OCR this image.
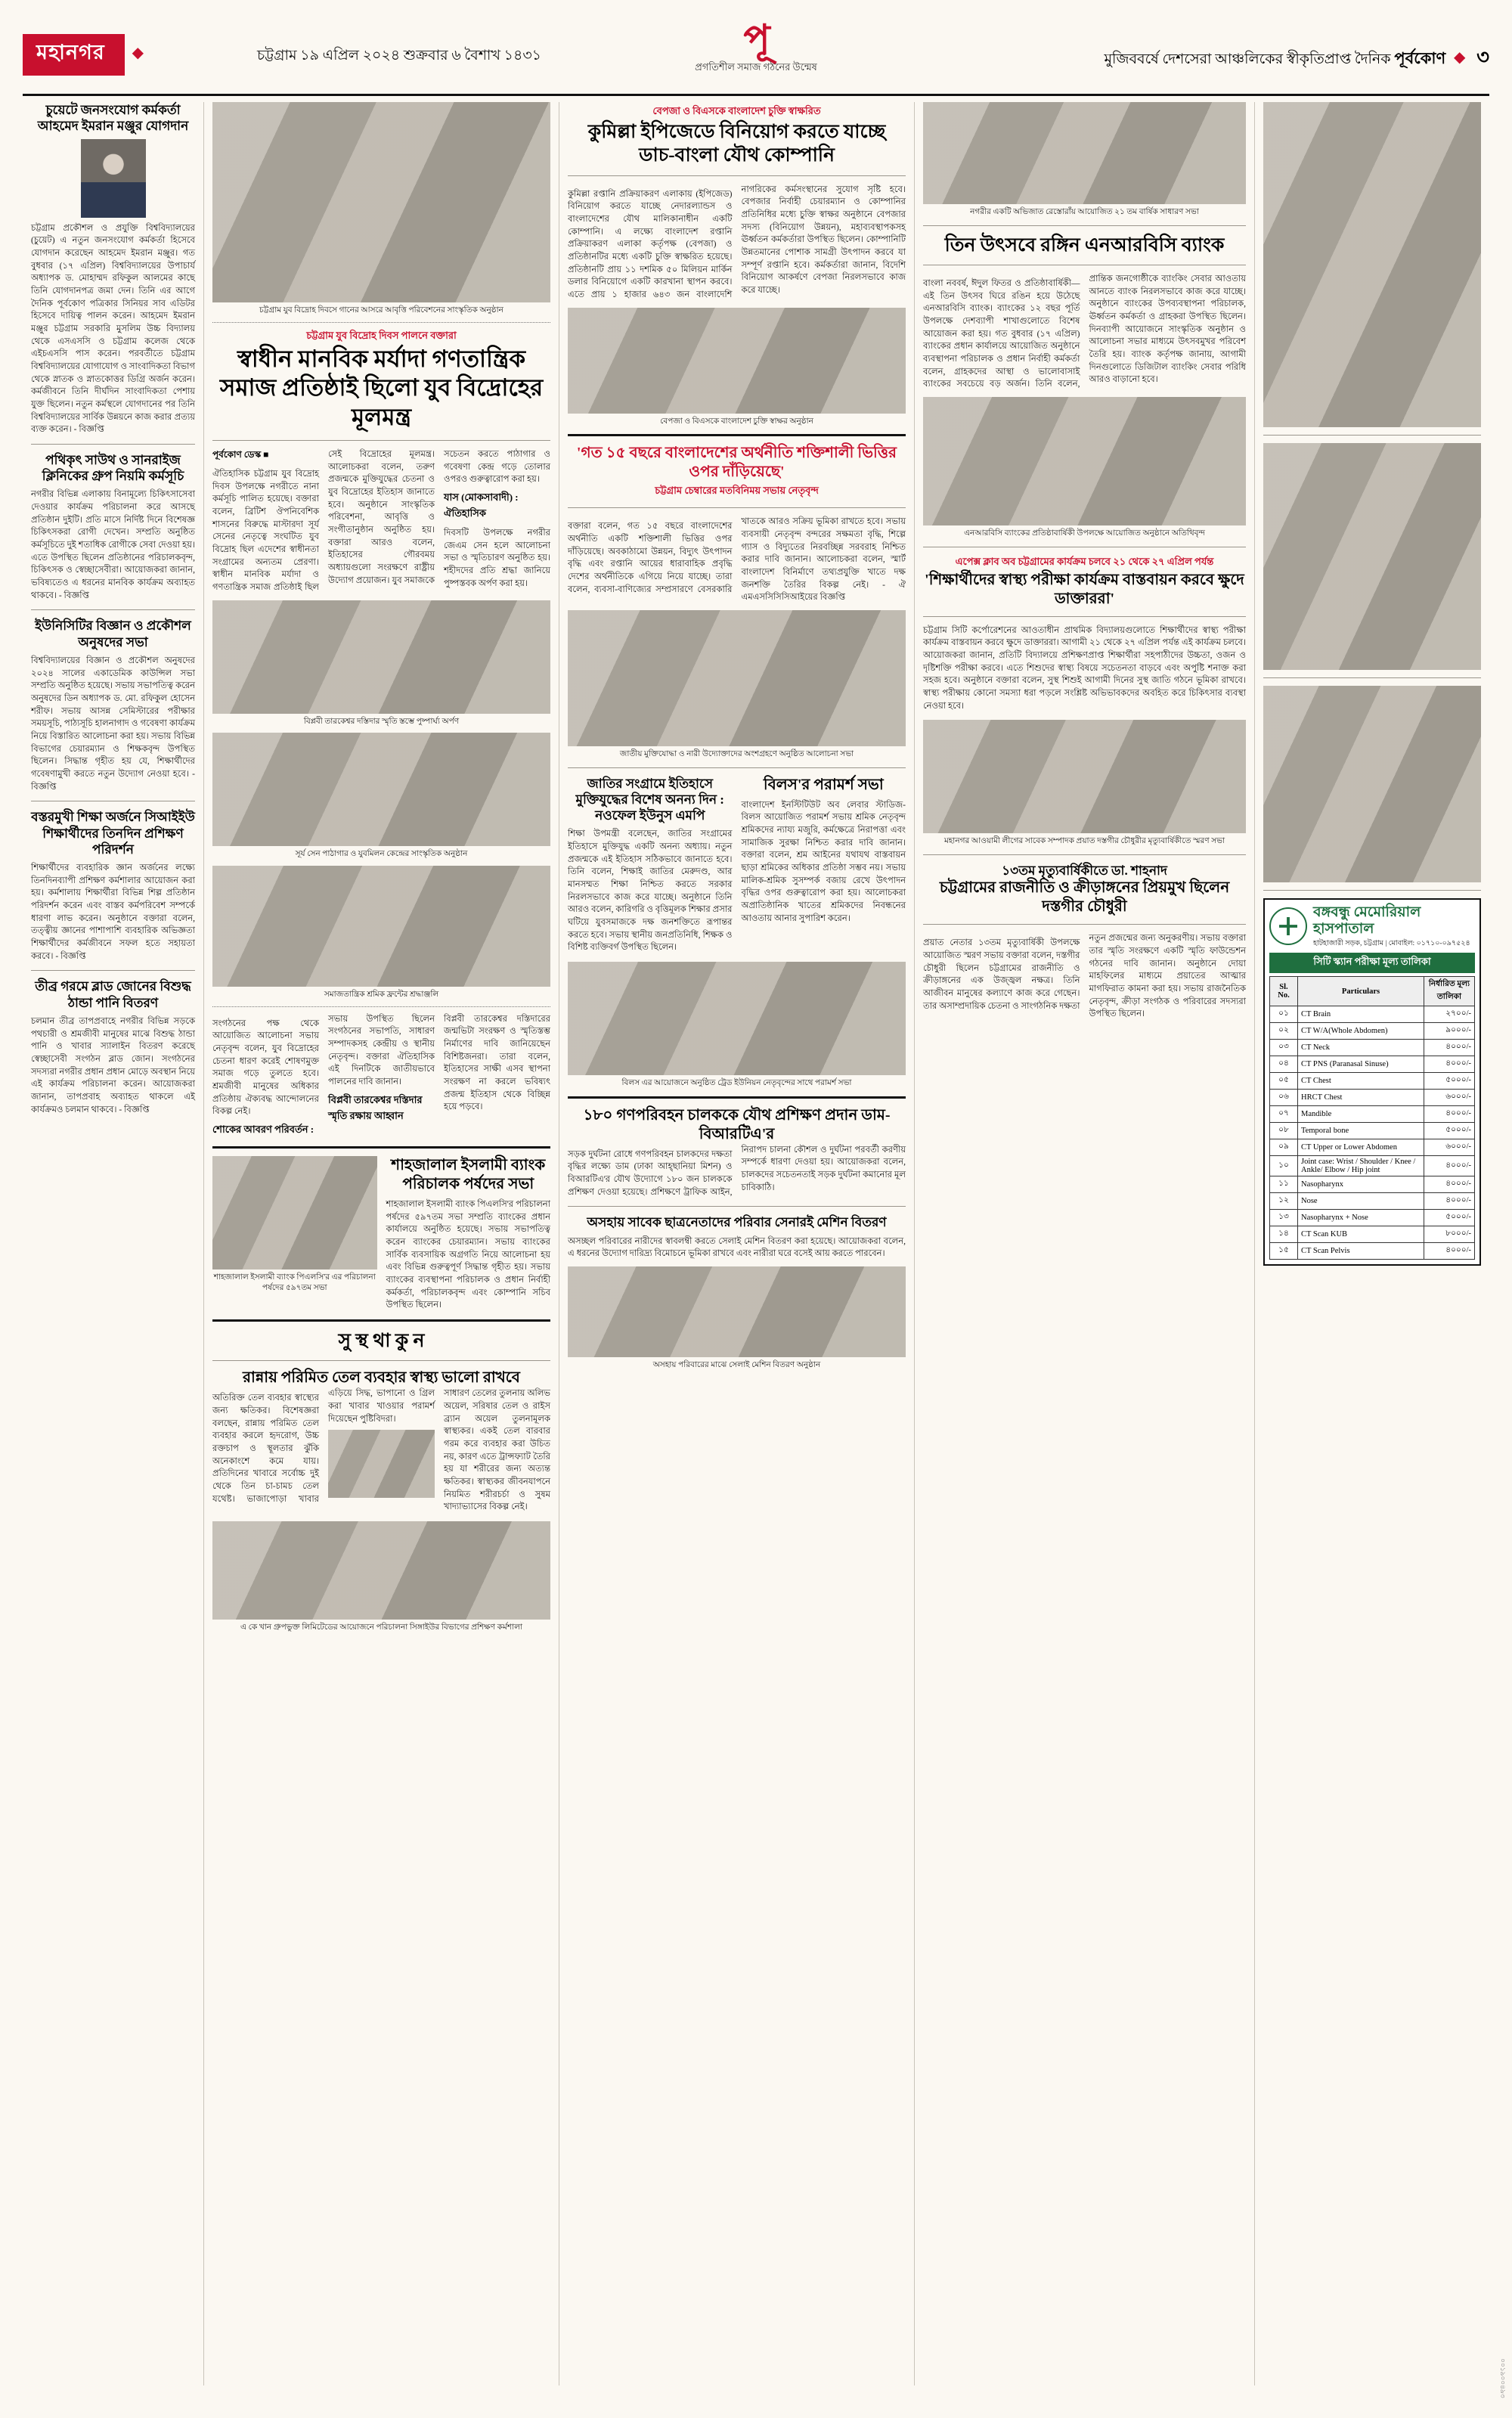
মহানগর ◆	চট্টগ্রাম ১৯ এপ্রিল ২০২৪ শুক্রবার ৬ বৈশাখ ১৪৩১	পূ
প্রগতিশীল সমাজ গঠনের উন্মেষ	মুজিববর্ষে দেশসেরা আঞ্চলিকের স্বীকৃতিপ্রাপ্ত দৈনিক পূর্বকোণ ◆ ৩
চুয়েটে জনসংযোগ কর্মকর্তা আহমেদ ইমরান মঞ্জুর যোগদান
চট্টগ্রাম প্রকৌশল ও প্রযুক্তি বিশ্ববিদ্যালয়ের (চুয়েট) এ নতুন জনসংযোগ কর্মকর্তা হিসেবে যোগদান করেছেন আহমেদ ইমরান মঞ্জুর। গত বুধবার (১৭ এপ্রিল) বিশ্ববিদ্যালয়ের উপাচার্য অধ্যাপক ড. মোহাম্মদ রফিকুল আলমের কাছে তিনি যোগদানপত্র জমা দেন। তিনি এর আগে দৈনিক পূর্বকোণ পত্রিকার সিনিয়র সাব এডিটর হিসেবে দায়িত্ব পালন করেন। আহমেদ ইমরান মঞ্জুর চট্টগ্রাম সরকারি মুসলিম উচ্চ বিদ্যালয় থেকে এসএসসি ও চট্টগ্রাম কলেজ থেকে এইচএসসি পাস করেন। পরবর্তীতে চট্টগ্রাম বিশ্ববিদ্যালয়ের যোগাযোগ ও সাংবাদিকতা বিভাগ থেকে স্নাতক ও স্নাতকোত্তর ডিগ্রি অর্জন করেন। কর্মজীবনে তিনি দীর্ঘদিন সাংবাদিকতা পেশায় যুক্ত ছিলেন। নতুন কর্মস্থলে যোগদানের পর তিনি বিশ্ববিদ্যালয়ের সার্বিক উন্নয়নে কাজ করার প্রত্যয় ব্যক্ত করেন। - বিজ্ঞপ্তি
পথিকৃৎ সাউথ ও সানরাইজ ক্লিনিকের গ্রুপ নিয়মি কর্মসূচি
নগরীর বিভিন্ন এলাকায় বিনামূল্যে চিকিৎসাসেবা দেওয়ার কার্যক্রম পরিচালনা করে আসছে প্রতিষ্ঠান দুইটি। প্রতি মাসে নির্দিষ্ট দিনে বিশেষজ্ঞ চিকিৎসকরা রোগী দেখেন। সম্প্রতি অনুষ্ঠিত কর্মসূচিতে দুই শতাধিক রোগীকে সেবা দেওয়া হয়। এতে উপস্থিত ছিলেন প্রতিষ্ঠানের পরিচালকবৃন্দ, চিকিৎসক ও স্বেচ্ছাসেবীরা। আয়োজকরা জানান, ভবিষ্যতেও এ ধরনের মানবিক কার্যক্রম অব্যাহত থাকবে। - বিজ্ঞপ্তি
ইউনিসিটির বিজ্ঞান ও প্রকৌশল অনুষদের সভা
বিশ্ববিদ্যালয়ের বিজ্ঞান ও প্রকৌশল অনুষদের ২০২৪ সালের একাডেমিক কাউন্সিল সভা সম্প্রতি অনুষ্ঠিত হয়েছে। সভায় সভাপতিত্ব করেন অনুষদের ডিন অধ্যাপক ড. মো. রফিকুল হোসেন শরীফ। সভায় আসন্ন সেমিস্টারের পরীক্ষার সময়সূচি, পাঠ্যসূচি হালনাগাদ ও গবেষণা কার্যক্রম নিয়ে বিস্তারিত আলোচনা করা হয়। সভায় বিভিন্ন বিভাগের চেয়ারম্যান ও শিক্ষকবৃন্দ উপস্থিত ছিলেন। সিদ্ধান্ত গৃহীত হয় যে, শিক্ষার্থীদের গবেষণামুখী করতে নতুন উদ্যোগ নেওয়া হবে। - বিজ্ঞপ্তি
বস্তরমুখী শিক্ষা অর্জনে সিআইইউ শিক্ষার্থীদের তিনদিন প্রশিক্ষণ পরিদর্শন
শিক্ষার্থীদের ব্যবহারিক জ্ঞান অর্জনের লক্ষ্যে তিনদিনব্যাপী প্রশিক্ষণ কর্মশালার আয়োজন করা হয়। কর্মশালায় শিক্ষার্থীরা বিভিন্ন শিল্প প্রতিষ্ঠান পরিদর্শন করেন এবং বাস্তব কর্মপরিবেশ সম্পর্কে ধারণা লাভ করেন। অনুষ্ঠানে বক্তারা বলেন, তত্ত্বীয় জ্ঞানের পাশাপাশি ব্যবহারিক অভিজ্ঞতা শিক্ষার্থীদের কর্মজীবনে সফল হতে সহায়তা করবে। - বিজ্ঞপ্তি
তীব্র গরমে ব্লাড জোনের বিশুদ্ধ ঠান্ডা পানি বিতরণ
চলমান তীব্র তাপপ্রবাহে নগরীর বিভিন্ন সড়কে পথচারী ও শ্রমজীবী মানুষের মাঝে বিশুদ্ধ ঠান্ডা পানি ও খাবার স্যালাইন বিতরণ করেছে স্বেচ্ছাসেবী সংগঠন ব্লাড জোন। সংগঠনের সদস্যরা নগরীর প্রধান প্রধান মোড়ে অবস্থান নিয়ে এই কার্যক্রম পরিচালনা করেন। আয়োজকরা জানান, তাপপ্রবাহ অব্যাহত থাকলে এই কার্যক্রমও চলমান থাকবে। - বিজ্ঞপ্তি
চট্টগ্রাম যুব বিদ্রোহ দিবসে গানের আসরে আবৃত্তি পরিবেশনের সাংস্কৃতিক অনুষ্ঠান
চট্টগ্রাম যুব বিদ্রোহ দিবস পালনে বক্তারা
স্বাধীন মানবিক মর্যাদা গণতান্ত্রিক সমাজ প্রতিষ্ঠাই ছিলো যুব বিদ্রোহের মূলমন্ত্র
পূর্বকোণ ডেস্ক ■
ঐতিহাসিক চট্টগ্রাম যুব বিদ্রোহ দিবস উপলক্ষে নগরীতে নানা কর্মসূচি পালিত হয়েছে। বক্তারা বলেন, ব্রিটিশ ঔপনিবেশিক শাসনের বিরুদ্ধে মাস্টারদা সূর্য সেনের নেতৃত্বে সংঘটিত যুব বিদ্রোহ ছিল এদেশের স্বাধীনতা সংগ্রামের অন্যতম প্রেরণা। স্বাধীন মানবিক মর্যাদা ও গণতান্ত্রিক সমাজ প্রতিষ্ঠাই ছিল সেই বিদ্রোহের মূলমন্ত্র। আলোচকরা বলেন, তরুণ প্রজন্মকে মুক্তিযুদ্ধের চেতনা ও যুব বিদ্রোহের ইতিহাস জানাতে হবে। অনুষ্ঠানে সাংস্কৃতিক পরিবেশনা, আবৃত্তি ও সংগীতানুষ্ঠান অনুষ্ঠিত হয়। বক্তারা আরও বলেন, ইতিহাসের গৌরবময় অধ্যায়গুলো সংরক্ষণে রাষ্ট্রীয় উদ্যোগ প্রয়োজন। যুব সমাজকে সচেতন করতে পাঠাগার ও গবেষণা কেন্দ্র গড়ে তোলার ওপরও গুরুত্বারোপ করা হয়।
যাস (মোকসাবাদী) : ঐতিহাসিক
দিবসটি উপলক্ষে নগরীর জেএম সেন হলে আলোচনা সভা ও স্মৃতিচারণ অনুষ্ঠিত হয়। শহীদদের প্রতি শ্রদ্ধা জানিয়ে পুষ্পস্তবক অর্পণ করা হয়।
বিপ্লবী তারকেশ্বর দস্তিদার স্মৃতি স্তম্ভে পুষ্পার্ঘ্য অর্পণ
সূর্য সেন পাঠাগার ও যুবমিলন কেন্দ্রের সাংস্কৃতিক অনুষ্ঠান
সমাজতান্ত্রিক শ্রমিক ফ্রন্টের শ্রদ্ধাঞ্জলি
সংগঠনের পক্ষ থেকে আয়োজিত আলোচনা সভায় নেতৃবৃন্দ বলেন, যুব বিদ্রোহের চেতনা ধারণ করেই শোষণমুক্ত সমাজ গড়ে তুলতে হবে। শ্রমজীবী মানুষের অধিকার প্রতিষ্ঠায় ঐক্যবদ্ধ আন্দোলনের বিকল্প নেই।
শোকের আবরণ পরিবর্তন :
সভায় উপস্থিত ছিলেন সংগঠনের সভাপতি, সাধারণ সম্পাদকসহ কেন্দ্রীয় ও স্থানীয় নেতৃবৃন্দ। বক্তারা ঐতিহাসিক এই দিনটিকে জাতীয়ভাবে পালনের দাবি জানান।
বিপ্লবী তারকেশ্বর দস্তিদার স্মৃতি রক্ষায় আহ্বান
বিপ্লবী তারকেশ্বর দস্তিদারের জন্মভিটা সংরক্ষণ ও স্মৃতিস্তম্ভ নির্মাণের দাবি জানিয়েছেন বিশিষ্টজনরা। তারা বলেন, ইতিহাসের সাক্ষী এসব স্থাপনা সংরক্ষণ না করলে ভবিষ্যৎ প্রজন্ম ইতিহাস থেকে বিচ্ছিন্ন হয়ে পড়বে।
শাহজালাল ইসলামী ব্যাংক পিএলসি'র এর পরিচালনা পর্ষদের ৫৯৭তম সভা
শাহজালাল ইসলামী ব্যাংক পরিচালক পর্ষদের সভা
শাহজালাল ইসলামী ব্যাংক পিএলসি'র পরিচালনা পর্ষদের ৫৯৭তম সভা সম্প্রতি ব্যাংকের প্রধান কার্যালয়ে অনুষ্ঠিত হয়েছে। সভায় সভাপতিত্ব করেন ব্যাংকের চেয়ারম্যান। সভায় ব্যাংকের সার্বিক ব্যবসায়িক অগ্রগতি নিয়ে আলোচনা হয় এবং বিভিন্ন গুরুত্বপূর্ণ সিদ্ধান্ত গৃহীত হয়। সভায় ব্যাংকের ব্যবস্থাপনা পরিচালক ও প্রধান নির্বাহী কর্মকর্তা, পরিচালকবৃন্দ এবং কোম্পানি সচিব উপস্থিত ছিলেন।
সু স্থ থা কু ন
রান্নায় পরিমিত তেল ব্যবহার স্বাস্থ্য ভালো রাখবে
অতিরিক্ত তেল ব্যবহার স্বাস্থ্যের জন্য ক্ষতিকর। বিশেষজ্ঞরা বলছেন, রান্নায় পরিমিত তেল ব্যবহার করলে হৃদরোগ, উচ্চ রক্তচাপ ও স্থূলতার ঝুঁকি অনেকাংশে কমে যায়। প্রতিদিনের খাবারে সর্বোচ্চ দুই থেকে তিন চা-চামচ তেল যথেষ্ট। ভাজাপোড়া খাবার এড়িয়ে সিদ্ধ, ভাপানো ও গ্রিল করা খাবার খাওয়ার পরামর্শ দিয়েছেন পুষ্টিবিদরা।
সাধারণ তেলের তুলনায় অলিভ অয়েল, সরিষার তেল ও রাইস ব্র্যান অয়েল তুলনামূলক স্বাস্থ্যকর। একই তেল বারবার গরম করে ব্যবহার করা উচিত নয়, কারণ এতে ট্রান্সফ্যাট তৈরি হয় যা শরীরের জন্য অত্যন্ত ক্ষতিকর। স্বাস্থ্যকর জীবনযাপনে নিয়মিত শরীরচর্চা ও সুষম খাদ্যাভ্যাসের বিকল্প নেই।
এ কে খান গ্রুপভুক্ত লিমিটেডের আয়োজনে পরিচালনা সিঙ্গাইউর বিভাগের প্রশিক্ষণ কর্মশালা
বেপজা ও বিএসকে বাংলাদেশ চুক্তি স্বাক্ষরিত
কুমিল্লা ইপিজেডে বিনিয়োগ করতে যাচ্ছে ডাচ-বাংলা যৌথ কোম্পানি
কুমিল্লা রপ্তানি প্রক্রিয়াকরণ এলাকায় (ইপিজেড) বিনিয়োগ করতে যাচ্ছে নেদারল্যান্ডস ও বাংলাদেশের যৌথ মালিকানাধীন একটি কোম্পানি। এ লক্ষ্যে বাংলাদেশ রপ্তানি প্রক্রিয়াকরণ এলাকা কর্তৃপক্ষ (বেপজা) ও প্রতিষ্ঠানটির মধ্যে একটি চুক্তি স্বাক্ষরিত হয়েছে। প্রতিষ্ঠানটি প্রায় ১১ দশমিক ৫০ মিলিয়ন মার্কিন ডলার বিনিয়োগে একটি কারখানা স্থাপন করবে। এতে প্রায় ১ হাজার ৬৪৩ জন বাংলাদেশি নাগরিকের কর্মসংস্থানের সুযোগ সৃষ্টি হবে। বেপজার নির্বাহী চেয়ারম্যান ও কোম্পানির প্রতিনিধির মধ্যে চুক্তি স্বাক্ষর অনুষ্ঠানে বেপজার সদস্য (বিনিয়োগ উন্নয়ন), মহাব্যবস্থাপকসহ ঊর্ধ্বতন কর্মকর্তারা উপস্থিত ছিলেন। কোম্পানিটি উন্নতমানের পোশাক সামগ্রী উৎপাদন করবে যা সম্পূর্ণ রপ্তানি হবে। কর্মকর্তারা জানান, বিদেশি বিনিয়োগ আকর্ষণে বেপজা নিরলসভাবে কাজ করে যাচ্ছে।
বেপজা ও বিএসকে বাংলাদেশ চুক্তি স্বাক্ষর অনুষ্ঠান
'গত ১৫ বছরে বাংলাদেশের অর্থনীতি শক্তিশালী ভিত্তির ওপর দাঁড়িয়েছে'
চট্টগ্রাম চেম্বারের মতবিনিময় সভায় নেতৃবৃন্দ
বক্তারা বলেন, গত ১৫ বছরে বাংলাদেশের অর্থনীতি একটি শক্তিশালী ভিত্তির ওপর দাঁড়িয়েছে। অবকাঠামো উন্নয়ন, বিদ্যুৎ উৎপাদন বৃদ্ধি এবং রপ্তানি আয়ের ধারাবাহিক প্রবৃদ্ধি দেশের অর্থনীতিকে এগিয়ে নিয়ে যাচ্ছে। তারা বলেন, ব্যবসা-বাণিজ্যের সম্প্রসারণে বেসরকারি খাতকে আরও সক্রিয় ভূমিকা রাখতে হবে। সভায় ব্যবসায়ী নেতৃবৃন্দ বন্দরের সক্ষমতা বৃদ্ধি, শিল্পে গ্যাস ও বিদ্যুতের নিরবচ্ছিন্ন সরবরাহ নিশ্চিত করার দাবি জানান। আলোচকরা বলেন, স্মার্ট বাংলাদেশ বিনির্মাণে তথ্যপ্রযুক্তি খাতে দক্ষ জনশক্তি তৈরির বিকল্প নেই। - ঐ এমএসসিসিসিআইয়ের বিজ্ঞপ্তি
জাতীয় মুক্তিযোদ্ধা ও নারী উদ্যোক্তাদের অংশগ্রহণে অনুষ্ঠিত আলোচনা সভা
জাতির সংগ্রামে ইতিহাসে মুক্তিযুদ্ধের বিশেষ অনন্য দিন : নওফেল ইউনুস এমপি
শিক্ষা উপমন্ত্রী বলেছেন, জাতির সংগ্রামের ইতিহাসে মুক্তিযুদ্ধ একটি অনন্য অধ্যায়। নতুন প্রজন্মকে এই ইতিহাস সঠিকভাবে জানাতে হবে। তিনি বলেন, শিক্ষাই জাতির মেরুদণ্ড, আর মানসম্মত শিক্ষা নিশ্চিত করতে সরকার নিরলসভাবে কাজ করে যাচ্ছে। অনুষ্ঠানে তিনি আরও বলেন, কারিগরি ও বৃত্তিমূলক শিক্ষার প্রসার ঘটিয়ে যুবসমাজকে দক্ষ জনশক্তিতে রূপান্তর করতে হবে। সভায় স্থানীয় জনপ্রতিনিধি, শিক্ষক ও বিশিষ্ট ব্যক্তিবর্গ উপস্থিত ছিলেন।
বিলস'র পরামর্শ সভা
বাংলাদেশ ইনস্টিটিউট অব লেবার স্টাডিজ-বিলস আয়োজিত পরামর্শ সভায় শ্রমিক নেতৃবৃন্দ শ্রমিকদের ন্যায্য মজুরি, কর্মক্ষেত্রে নিরাপত্তা এবং সামাজিক সুরক্ষা নিশ্চিত করার দাবি জানান। বক্তারা বলেন, শ্রম আইনের যথাযথ বাস্তবায়ন ছাড়া শ্রমিকের অধিকার প্রতিষ্ঠা সম্ভব নয়। সভায় মালিক-শ্রমিক সুসম্পর্ক বজায় রেখে উৎপাদন বৃদ্ধির ওপর গুরুত্বারোপ করা হয়। আলোচকরা অপ্রাতিষ্ঠানিক খাতের শ্রমিকদের নিবন্ধনের আওতায় আনার সুপারিশ করেন।
বিলস এর আয়োজনে অনুষ্ঠিত ট্রেড ইউনিয়ন নেতৃবৃন্দের সাথে পরামর্শ সভা
১৮০ গণপরিবহন চালককে যৌথ প্রশিক্ষণ প্রদান ডাম-বিআরটিএ'র
সড়ক দুর্ঘটনা রোধে গণপরিবহন চালকদের দক্ষতা বৃদ্ধির লক্ষ্যে ডাম (ঢাকা আহ্ছানিয়া মিশন) ও বিআরটিএ'র যৌথ উদ্যোগে ১৮০ জন চালককে প্রশিক্ষণ দেওয়া হয়েছে। প্রশিক্ষণে ট্রাফিক আইন, নিরাপদ চালনা কৌশল ও দুর্ঘটনা পরবর্তী করণীয় সম্পর্কে ধারণা দেওয়া হয়। আয়োজকরা বলেন, চালকদের সচেতনতাই সড়ক দুর্ঘটনা কমানোর মূল চাবিকাঠি।
অসহায় সাবেক ছাত্রনেতাদের পরিবার সেনারই মেশিন বিতরণ
অসচ্ছল পরিবারের নারীদের স্বাবলম্বী করতে সেলাই মেশিন বিতরণ করা হয়েছে। আয়োজকরা বলেন, এ ধরনের উদ্যোগ দারিদ্র্য বিমোচনে ভূমিকা রাখবে এবং নারীরা ঘরে বসেই আয় করতে পারবেন।
অসহায় পরিবারের মাঝে সেলাই মেশিন বিতরণ অনুষ্ঠান
নগরীর একটি অভিজাত রেস্তোরাঁয় আয়োজিত ২১ তম বার্ষিক সাধারণ সভা
তিন উৎসবে রঙ্গিন এনআরবিসি ব্যাংক
বাংলা নববর্ষ, ঈদুল ফিতর ও প্রতিষ্ঠাবার্ষিকী—এই তিন উৎসব ঘিরে রঙিন হয়ে উঠেছে এনআরবিসি ব্যাংক। ব্যাংকের ১২ বছর পূর্তি উপলক্ষে দেশব্যাপী শাখাগুলোতে বিশেষ আয়োজন করা হয়। গত বুধবার (১৭ এপ্রিল) ব্যাংকের প্রধান কার্যালয়ে আয়োজিত অনুষ্ঠানে ব্যবস্থাপনা পরিচালক ও প্রধান নির্বাহী কর্মকর্তা বলেন, গ্রাহকদের আস্থা ও ভালোবাসাই ব্যাংকের সবচেয়ে বড় অর্জন। তিনি বলেন, প্রান্তিক জনগোষ্ঠীকে ব্যাংকিং সেবার আওতায় আনতে ব্যাংক নিরলসভাবে কাজ করে যাচ্ছে। অনুষ্ঠানে ব্যাংকের উপব্যবস্থাপনা পরিচালক, ঊর্ধ্বতন কর্মকর্তা ও গ্রাহকরা উপস্থিত ছিলেন। দিনব্যাপী আয়োজনে সাংস্কৃতিক অনুষ্ঠান ও আলোচনা সভার মাধ্যমে উৎসবমুখর পরিবেশ তৈরি হয়। ব্যাংক কর্তৃপক্ষ জানায়, আগামী দিনগুলোতে ডিজিটাল ব্যাংকিং সেবার পরিধি আরও বাড়ানো হবে।
এনআরবিসি ব্যাংকের প্রতিষ্ঠাবার্ষিকী উপলক্ষে আয়োজিত অনুষ্ঠানে অতিথিবৃন্দ
এপেক্স ক্লাব অব চট্টগ্রামের কার্যক্রম চলবে ২১ থেকে ২৭ এপ্রিল পর্যন্ত
'শিক্ষার্থীদের স্বাস্থ্য পরীক্ষা কার্যক্রম বাস্তবায়ন করবে ক্ষুদে ডাক্তাররা'
চট্টগ্রাম সিটি কর্পোরেশনের আওতাধীন প্রাথমিক বিদ্যালয়গুলোতে শিক্ষার্থীদের স্বাস্থ্য পরীক্ষা কার্যক্রম বাস্তবায়ন করবে ক্ষুদে ডাক্তাররা। আগামী ২১ থেকে ২৭ এপ্রিল পর্যন্ত এই কার্যক্রম চলবে। আয়োজকরা জানান, প্রতিটি বিদ্যালয়ে প্রশিক্ষণপ্রাপ্ত শিক্ষার্থীরা সহপাঠীদের উচ্চতা, ওজন ও দৃষ্টিশক্তি পরীক্ষা করবে। এতে শিশুদের স্বাস্থ্য বিষয়ে সচেতনতা বাড়বে এবং অপুষ্টি শনাক্ত করা সহজ হবে। অনুষ্ঠানে বক্তারা বলেন, সুস্থ শিশুই আগামী দিনের সুস্থ জাতি গঠনে ভূমিকা রাখবে। স্বাস্থ্য পরীক্ষায় কোনো সমস্যা ধরা পড়লে সংশ্লিষ্ট অভিভাবকদের অবহিত করে চিকিৎসার ব্যবস্থা নেওয়া হবে।
মহানগর আওয়ামী লীগের সাবেক সম্পাদক প্রয়াত দস্তগীর চৌধুরীর মৃত্যুবার্ষিকীতে স্মরণ সভা
১৩তম মৃত্যুবার্ষিকীতে ডা. শাহনাদ
চট্টগ্রামের রাজনীতি ও ক্রীড়াঙ্গনের প্রিয়মুখ ছিলেন দস্তগীর চৌধুরী
প্রয়াত নেতার ১৩তম মৃত্যুবার্ষিকী উপলক্ষে আয়োজিত স্মরণ সভায় বক্তারা বলেন, দস্তগীর চৌধুরী ছিলেন চট্টগ্রামের রাজনীতি ও ক্রীড়াঙ্গনের এক উজ্জ্বল নক্ষত্র। তিনি আজীবন মানুষের কল্যাণে কাজ করে গেছেন। তার অসাম্প্রদায়িক চেতনা ও সাংগঠনিক দক্ষতা নতুন প্রজন্মের জন্য অনুকরণীয়। সভায় বক্তারা তার স্মৃতি সংরক্ষণে একটি স্মৃতি ফাউন্ডেশন গঠনের দাবি জানান। অনুষ্ঠানে দোয়া মাহফিলের মাধ্যমে প্রয়াতের আত্মার মাগফিরাত কামনা করা হয়। সভায় রাজনৈতিক নেতৃবৃন্দ, ক্রীড়া সংগঠক ও পরিবারের সদস্যরা উপস্থিত ছিলেন।
বঙ্গবন্ধু মেমোরিয়াল হাসপাতাল
হাটহাজারী সড়ক, চট্টগ্রাম | মোবাইল: ০১৭১০-০৯৭৫২৪
সিটি স্ক্যান পরীক্ষা মূল্য তালিকা
Sl. No.	Particulars	নির্ধারিত মূল্য তালিকা
০১	CT Brain	২৭০০/-
০২	CT W/A(Whole Abdomen)	৯০০০/-
০৩	CT Neck	৪০০০/-
০৪	CT PNS (Paranasal Sinuse)	৪০০০/-
০৫	CT Chest	৫০০০/-
০৬	HRCT Chest	৬০০০/-
০৭	Mandible	৪০০০/-
০৮	Temporal bone	৫০০০/-
০৯	CT Upper or Lower Abdomen	৬০০০/-
১০	Joint case: Wrist / Shoulder / Knee / Ankle/ Elbow / Hip joint	৪০০০/-
১১	Nasopharynx	৪০০০/-
১২	Nose	৪০০০/-
১৩	Nasopharynx + Nose	৫০০০/-
১৪	CT Scan KUB	৮০০০/-
১৫	CT Scan Pelvis	৪০০০/-
০০১৯০০৪৯৩
